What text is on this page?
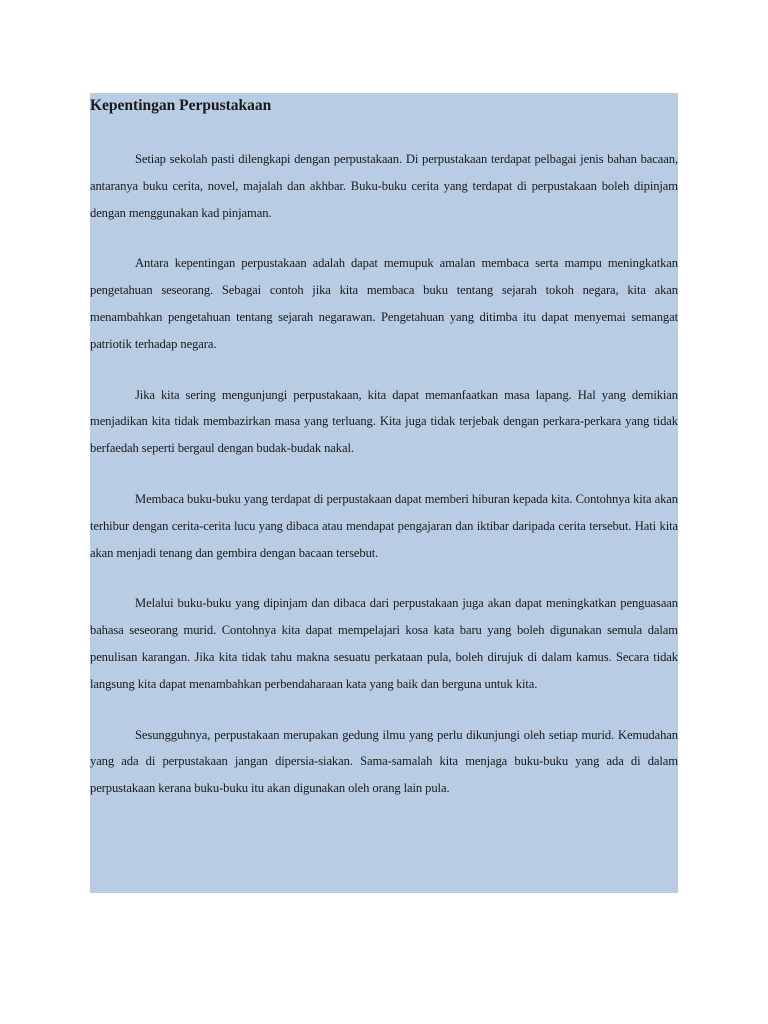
Kepentingan Perpustakaan

Setiap sekolah pasti dilengkapi dengan perpustakaan. Di perpustakaan terdapat pelbagai jenis bahan bacaan, antaranya buku cerita, novel, majalah dan akhbar. Buku-buku cerita yang terdapat di perpustakaan boleh dipinjam dengan menggunakan kad pinjaman.

Antara kepentingan perpustakaan adalah dapat memupuk amalan membaca serta mampu meningkatkan pengetahuan seseorang. Sebagai contoh jika kita membaca buku tentang sejarah tokoh negara, kita akan menambahkan pengetahuan tentang sejarah negarawan. Pengetahuan yang ditimba itu dapat menyemai semangat patriotik terhadap negara.

Jika kita sering mengunjungi perpustakaan, kita dapat memanfaatkan masa lapang. Hal yang demikian menjadikan kita tidak membazirkan masa yang terluang. Kita juga tidak terjebak dengan perkara-perkara yang tidak berfaedah seperti bergaul dengan budak-budak nakal.

Membaca buku-buku yang terdapat di perpustakaan dapat memberi hiburan kepada kita. Contohnya kita akan terhibur dengan cerita-cerita lucu yang dibaca atau mendapat pengajaran dan iktibar daripada cerita tersebut. Hati kita akan menjadi tenang dan gembira dengan bacaan tersebut.

Melalui buku-buku yang dipinjam dan dibaca dari perpustakaan juga akan dapat meningkatkan penguasaan bahasa seseorang murid. Contohnya kita dapat mempelajari kosa kata baru yang boleh digunakan semula dalam penulisan karangan. Jika kita tidak tahu makna sesuatu perkataan pula, boleh dirujuk di dalam kamus. Secara tidak langsung kita dapat menambahkan perbendaharaan kata yang baik dan berguna untuk kita.

Sesungguhnya, perpustakaan merupakan gedung ilmu yang perlu dikunjungi oleh setiap murid. Kemudahan yang ada di perpustakaan jangan dipersia-siakan. Sama-samalah kita menjaga buku-buku yang ada di dalam perpustakaan kerana buku-buku itu akan digunakan oleh orang lain pula.
